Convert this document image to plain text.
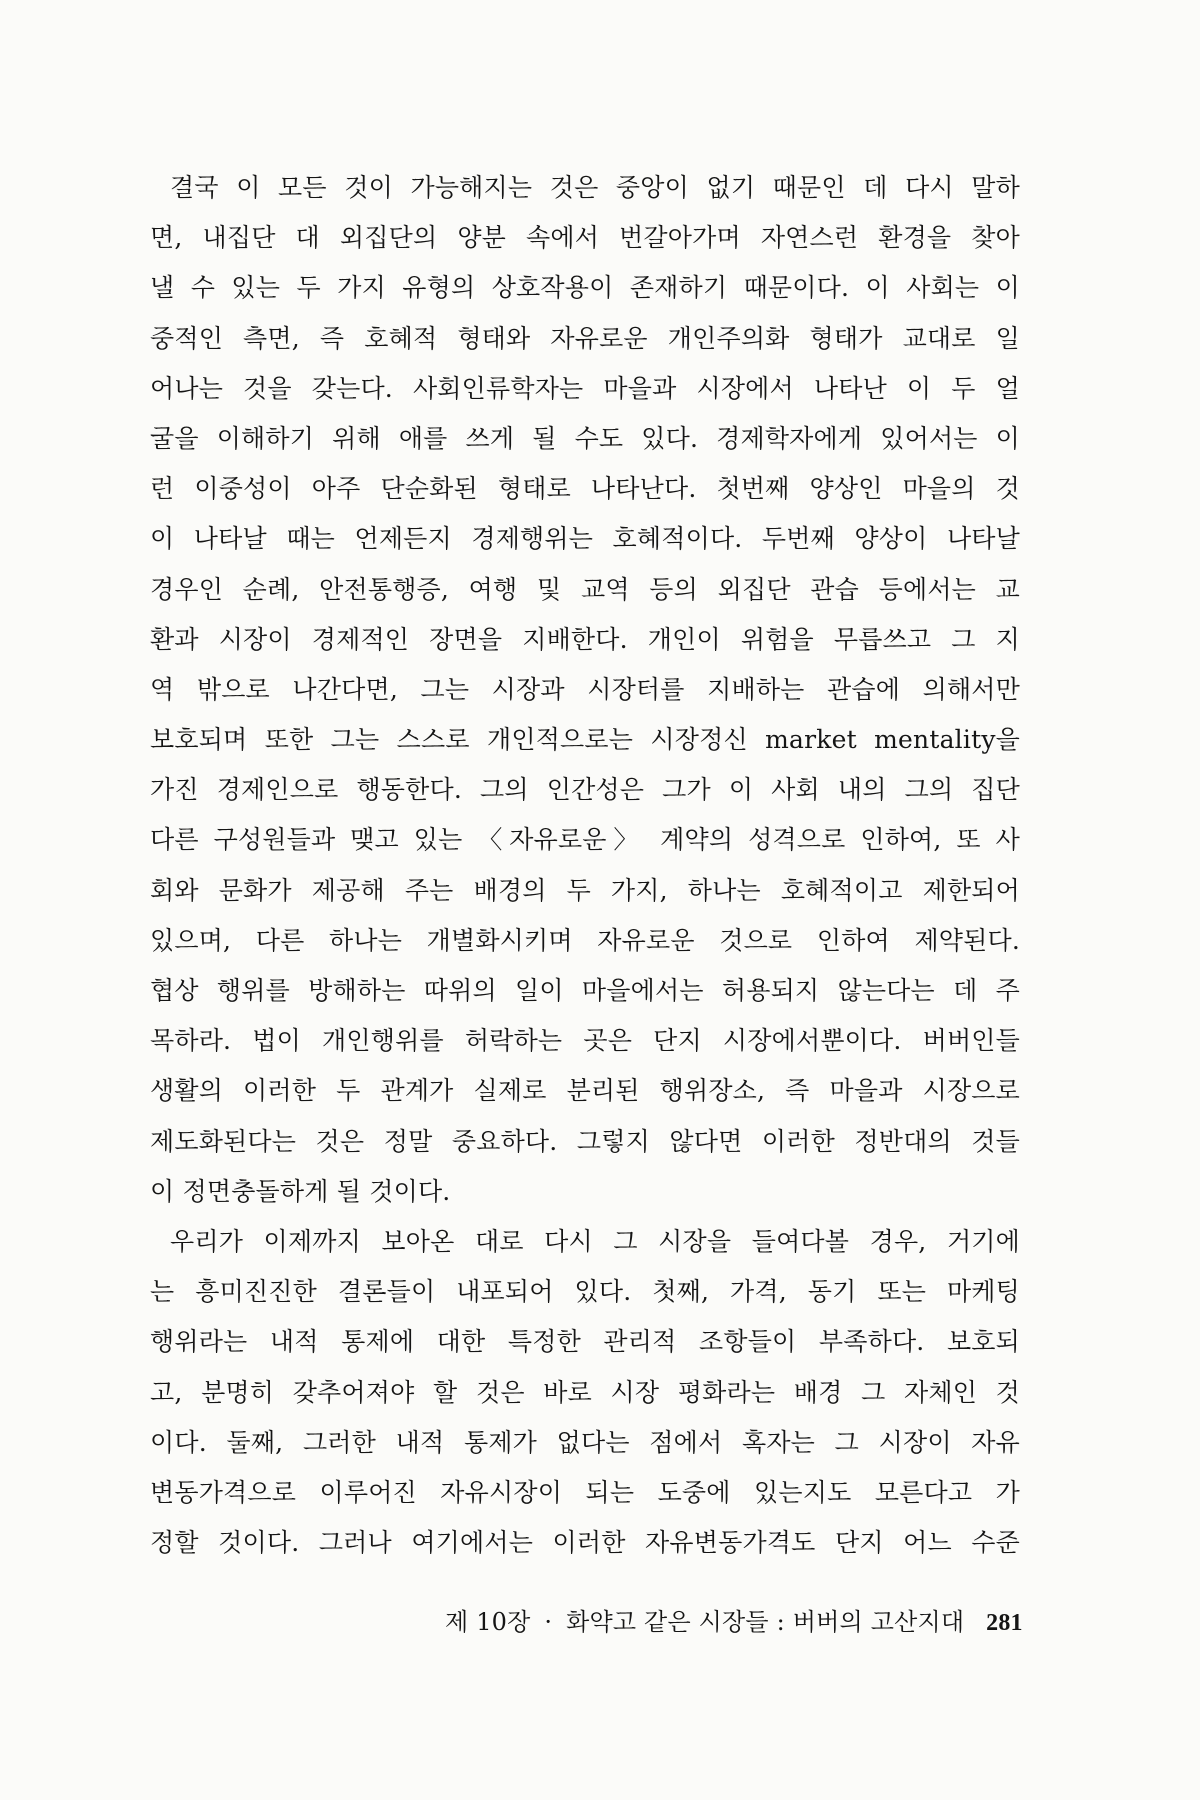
결국 이 모든 것이 가능해지는 것은 중앙이 없기 때문인 데 다시 말하
면, 내집단 대 외집단의 양분 속에서 번갈아가며 자연스런 환경을 찾아
낼 수 있는 두 가지 유형의 상호작용이 존재하기 때문이다. 이 사회는 이
중적인 측면, 즉 호혜적 형태와 자유로운 개인주의화 형태가 교대로 일
어나는 것을 갖는다. 사회인류학자는 마을과 시장에서 나타난 이 두 얼
굴을 이해하기 위해 애를 쓰게 될 수도 있다. 경제학자에게 있어서는 이
런 이중성이 아주 단순화된 형태로 나타난다. 첫번째 양상인 마을의 것
이 나타날 때는 언제든지 경제행위는 호혜적이다. 두번째 양상이 나타날
경우인 순례, 안전통행증, 여행 및 교역 등의 외집단 관습 등에서는 교
환과 시장이 경제적인 장면을 지배한다. 개인이 위험을 무릅쓰고 그 지
역 밖으로 나간다면, 그는 시장과 시장터를 지배하는 관습에 의해서만
보호되며 또한 그는 스스로 개인적으로는 시장정신 market mentality을
가진 경제인으로 행동한다. 그의 인간성은 그가 이 사회 내의 그의 집단
다른 구성원들과 맺고 있는 〈자유로운〉 계약의 성격으로 인하여, 또 사
회와 문화가 제공해 주는 배경의 두 가지, 하나는 호혜적이고 제한되어
있으며, 다른 하나는 개별화시키며 자유로운 것으로 인하여 제약된다.
협상 행위를 방해하는 따위의 일이 마을에서는 허용되지 않는다는 데 주
목하라. 법이 개인행위를 허락하는 곳은 단지 시장에서뿐이다. 버버인들
생활의 이러한 두 관계가 실제로 분리된 행위장소, 즉 마을과 시장으로
제도화된다는 것은 정말 중요하다. 그렇지 않다면 이러한 정반대의 것들
이 정면충돌하게 될 것이다.
우리가 이제까지 보아온 대로 다시 그 시장을 들여다볼 경우, 거기에
는 흥미진진한 결론들이 내포되어 있다. 첫째, 가격, 동기 또는 마케팅
행위라는 내적 통제에 대한 특정한 관리적 조항들이 부족하다. 보호되
고, 분명히 갖추어져야 할 것은 바로 시장 평화라는 배경 그 자체인 것
이다. 둘째, 그러한 내적 통제가 없다는 점에서 혹자는 그 시장이 자유
변동가격으로 이루어진 자유시장이 되는 도중에 있는지도 모른다고 가
정할 것이다. 그러나 여기에서는 이러한 자유변동가격도 단지 어느 수준
제 10장 · 화약고 같은 시장들 : 버버의 고산지대 281
